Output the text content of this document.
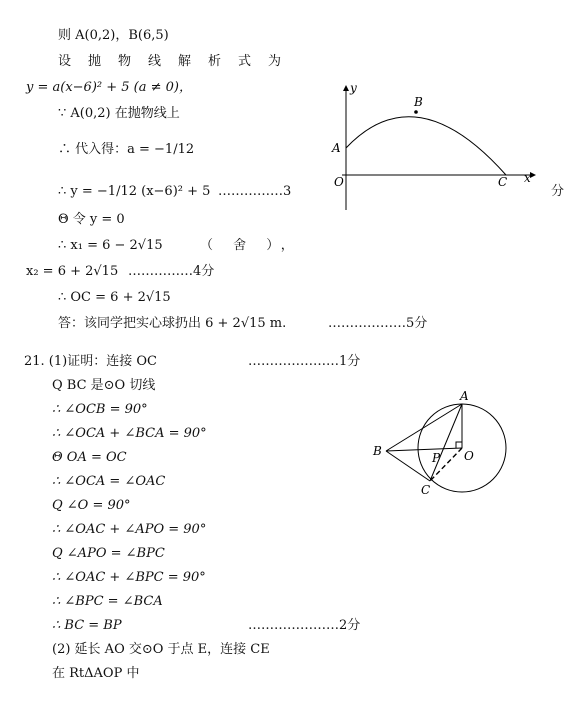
则 A(0,2)，B(6,5)
设抛物线解析式为
y = a(x−6)² + 5 (a ≠ 0)，
∵ A(0,2) 在抛物线上
∴ 代入得：a = −1/12
∴ y = −1/12 (x−6)² + 5 ……………3	分
Θ 令 y = 0
∴ x₁ = 6 − 2√15	（ 舍 ），
x₂ = 6 + 2√15 ……………4分
∴ OC = 6 + 2√15
答：该同学把实心球扔出 6 + 2√15 m.	………………5分
y
x
A
B
C
O
21. (1)证明：连接 OC	…………………1分
Q BC 是⊙O 切线
∴ ∠OCB = 90°
∴ ∠OCA + ∠BCA = 90°
Θ OA = OC
∴ ∠OCA = ∠OAC
Q ∠O = 90°
∴ ∠OAC + ∠APO = 90°
Q ∠APO = ∠BPC
∴ ∠OAC + ∠BPC = 90°
∴ ∠BPC = ∠BCA
∴ BC = BP	…………………2分
(2) 延长 AO 交⊙O 于点 E，连接 CE
在 RtΔAOP 中
A
B
C
P O
